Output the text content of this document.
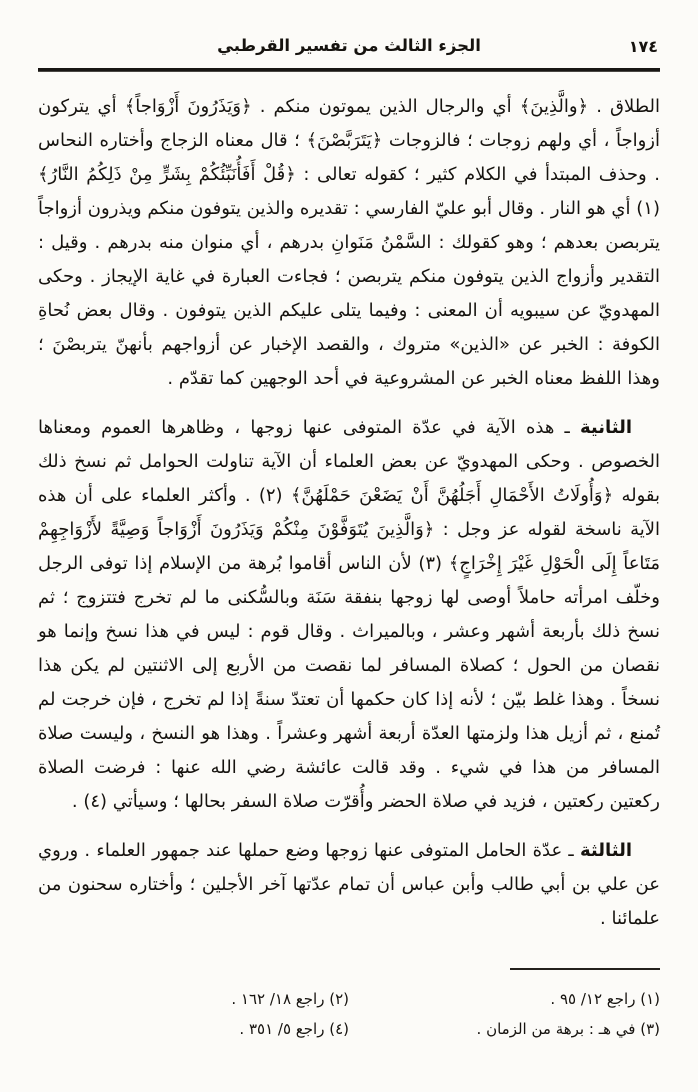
الجزء الثالث من تفسير القرطبي	١٧٤

الطلاق . ﴿والَّذِينَ﴾ أي والرجال الذين يموتون منكم . ﴿وَيَذَرُونَ أَزْوَاجاً﴾ أي يتركون أزواجاً ، أي ولهم زوجات ؛ فالزوجات ﴿يَتَرَبَّصْنَ﴾ ؛ قال معناه الزجاج وأختاره النحاس . وحذف المبتدأ في الكلام كثير ؛ كقوله تعالى : ﴿قُلْ أَفَأُنَبِّئُكُمْ بِشَرٍّ مِنْ ذَلِكُمُ النَّارُ﴾ (١) أي هو النار . وقال أبو عليّ الفارسي : تقديره والذين يتوفون منكم ويذرون أزواجاً يتربصن بعدهم ؛ وهو كقولك : السَّمْنُ مَنَوانِ بدرهم ، أي منوان منه بدرهم . وقيل : التقدير وأزواج الذين يتوفون منكم يتربصن ؛ فجاءت العبارة في غاية الإيجاز . وحكى المهدويّ عن سيبويه أن المعنى : وفيما يتلى عليكم الذين يتوفون . وقال بعض نُحاةِ الكوفة : الخبر عن «الذين» متروك ، والقصد الإخبار عن أزواجهم بأنهنّ يتربصْنَ ؛ وهذا اللفظ معناه الخبر عن المشروعية في أحد الوجهين كما تقدّم .

الثانية ـ هذه الآية في عدّة المتوفى عنها زوجها ، وظاهرها العموم ومعناها الخصوص . وحكى المهدويّ عن بعض العلماء أن الآية تناولت الحوامل ثم نسخ ذلك بقوله ﴿وَأُولَاتُ الأَحْمَالِ أَجَلُهُنَّ أَنْ يَضَعْنَ حَمْلَهُنَّ﴾ (٢) . وأكثر العلماء على أن هذه الآية ناسخة لقوله عز وجل : ﴿وَالَّذِينَ يُتَوَفَّوْنَ مِنْكُمْ وَيَذَرُونَ أَزْوَاجاً وَصِيَّةً لأَزْوَاجِهِمْ مَتَاعاً إِلَى الْحَوْلِ غَيْرَ إِخْرَاجٍ﴾ (٣) لأن الناس أقاموا بُرهة من الإسلام إذا توفى الرجل وخلّف امرأته حاملاً أوصى لها زوجها بنفقة سَنَة وبالسُّكنى ما لم تخرج فتتزوج ؛ ثم نسخ ذلك بأربعة أشهر وعشر ، وبالميراث . وقال قوم : ليس في هذا نسخ وإنما هو نقصان من الحول ؛ كصلاة المسافر لما نقصت من الأربع إلى الاثنتين لم يكن هذا نسخاً . وهذا غلط بيّن ؛ لأنه إذا كان حكمها أن تعتدّ سنةً إذا لم تخرج ، فإن خرجت لم تُمنع ، ثم أزيل هذا ولزمتها العدّة أربعة أشهر وعشراً . وهذا هو النسخ ، وليست صلاة المسافر من هذا في شيء . وقد قالت عائشة رضي الله عنها : فرضت الصلاة ركعتين ركعتين ، فزيد في صلاة الحضر وأُقرّت صلاة السفر بحالها ؛ وسيأتي (٤) .

الثالثة ـ عدّة الحامل المتوفى عنها زوجها وضع حملها عند جمهور العلماء . وروي عن علي بن أبي طالب وأبن عباس أن تمام عدّتها آخر الأجلين ؛ وأختاره سحنون من علمائنا .

(١) راجع ١٢/ ٩٥ .
(٣) في هـ : برهة من الزمان .
(٢) راجع ١٨/ ١٦٢ .
(٤) راجع ٥/ ٣٥١ .
